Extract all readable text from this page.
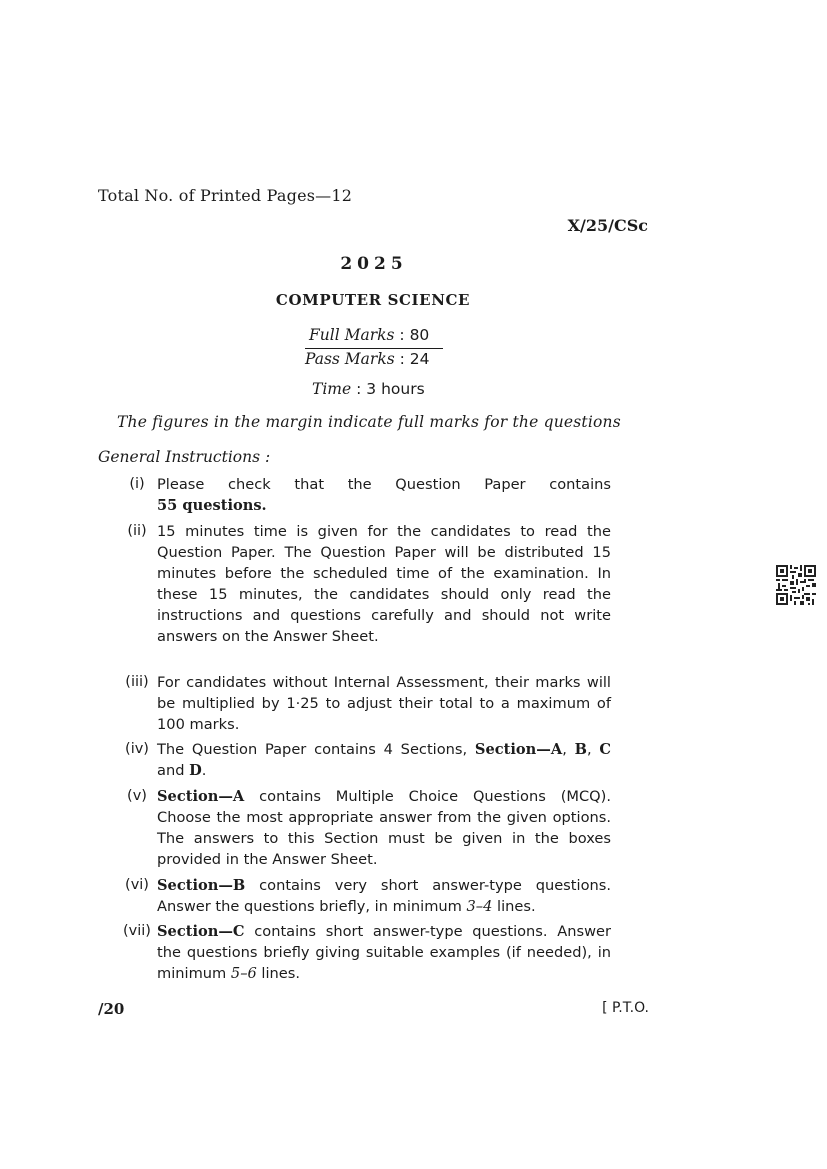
Total No. of Printed Pages—12
X/25/CSc
2025
COMPUTER SCIENCE
Full Marks : 80
Pass Marks : 24
Time : 3 hours
The figures in the margin indicate full marks for the questions
General Instructions :
(i) Please check that the Question Paper contains
55 questions.
(ii) 15 minutes time is given for the candidates to read the Question Paper. The Question Paper will be distributed 15 minutes before the scheduled time of the examination. In these 15 minutes, the candidates should only read the instructions and questions carefully and should not write answers on the Answer Sheet.
(iii) For candidates without Internal Assessment, their marks will be multiplied by 1·25 to adjust their total to a maximum of 100 marks.
(iv) The Question Paper contains 4 Sections, Section—A, B, C and D.
(v) Section—A contains Multiple Choice Questions (MCQ). Choose the most appropriate answer from the given options. The answers to this Section must be given in the boxes provided in the Answer Sheet.
(vi) Section—B contains very short answer-type questions. Answer the questions briefly, in minimum 3–4 lines.
(vii) Section—C contains short answer-type questions. Answer the questions briefly giving suitable examples (if needed), in minimum 5–6 lines.
/20	[ P.T.O.
